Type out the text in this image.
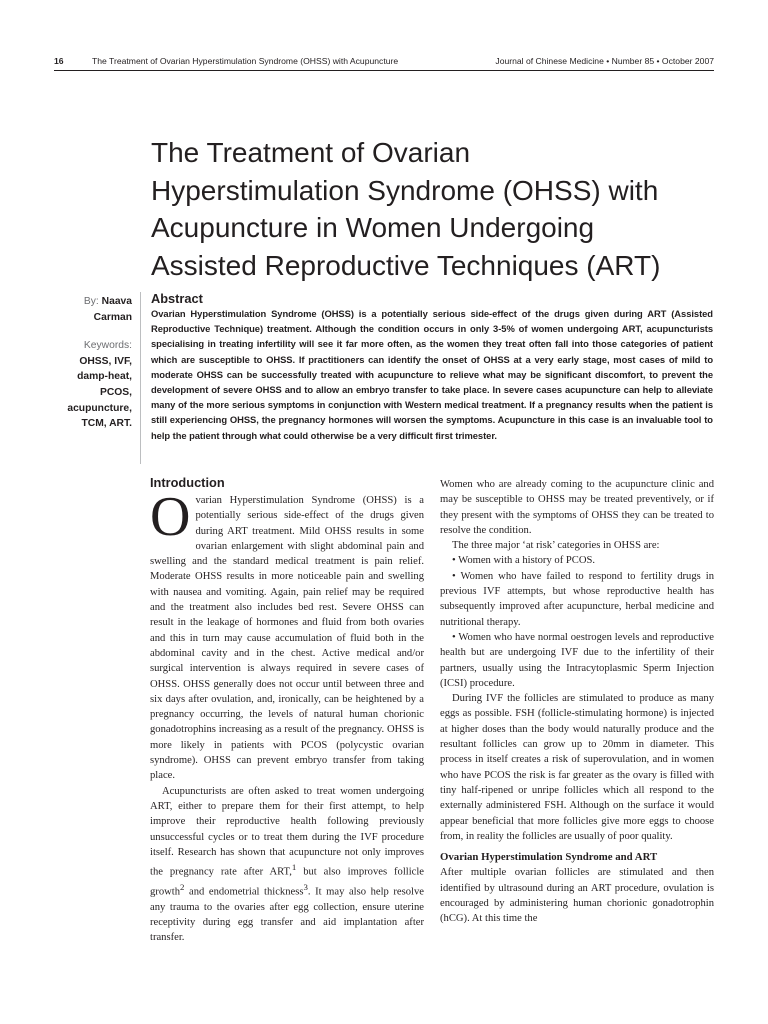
16	The Treatment of Ovarian Hyperstimulation Syndrome (OHSS) with Acupuncture	Journal of Chinese Medicine • Number 85 • October 2007
The Treatment of Ovarian
Hyperstimulation Syndrome (OHSS) with
Acupuncture in Women Undergoing
Assisted Reproductive Techniques (ART)
By: Naava
Carman
Keywords:
OHSS, IVF,
damp-heat,
PCOS,
acupuncture,
TCM, ART.
Abstract

Ovarian Hyperstimulation Syndrome (OHSS) is a potentially serious side-effect of the drugs given during ART (Assisted Reproductive Technique) treatment. Although the condition occurs in only 3-5% of women undergoing ART, acupuncturists specialising in treating infertility will see it far more often, as the women they treat often fall into those categories of patient which are susceptible to OHSS. If practitioners can identify the onset of OHSS at a very early stage, most cases of mild to moderate OHSS can be successfully treated with acupuncture to relieve what may be significant discomfort, to prevent the development of severe OHSS and to allow an embryo transfer to take place. In severe cases acupuncture can help to alleviate many of the more serious symptoms in conjunction with Western medical treatment. If a pregnancy results when the patient is still experiencing OHSS, the pregnancy hormones will worsen the symptoms. Acupuncture in this case is an invaluable tool to help the patient through what could otherwise be a very difficult first trimester.

Introduction

Ovarian Hyperstimulation Syndrome (OHSS) is a potentially serious side-effect of the drugs given during ART treatment. Mild OHSS results in some ovarian enlargement with slight abdominal pain and swelling and the standard medical treatment is pain relief. Moderate OHSS results in more noticeable pain and swelling with nausea and vomiting. Again, pain relief may be required and the treatment also includes bed rest. Severe OHSS can result in the leakage of hormones and fluid from both ovaries and this in turn may cause accumulation of fluid both in the abdominal cavity and in the chest. Active medical and/or surgical intervention is always required in severe cases of OHSS. OHSS generally does not occur until between three and six days after ovulation, and, ironically, can be heightened by a pregnancy occurring, the levels of natural human chorionic gonadotrophins increasing as a result of the pregnancy. OHSS is more likely in patients with PCOS (polycystic ovarian syndrome). OHSS can prevent embryo transfer from taking place.

Acupuncturists are often asked to treat women undergoing ART, either to prepare them for their first attempt, to help improve their reproductive health following previously unsuccessful cycles or to treat them during the IVF procedure itself. Research has shown that acupuncture not only improves the pregnancy rate after ART,$^1$ but also improves follicle growth$^2$ and endometrial thickness$^3$. It may also help resolve any trauma to the ovaries after egg collection, ensure uterine receptivity during egg transfer and aid implantation after transfer.

Women who are already coming to the acupuncture clinic and may be susceptible to OHSS may be treated preventively, or if they present with the symptoms of OHSS they can be treated to resolve the condition.

The three major ‘at risk’ categories in OHSS are:

• Women with a history of PCOS.

• Women who have failed to respond to fertility drugs in previous IVF attempts, but whose reproductive health has subsequently improved after acupuncture, herbal medicine and nutritional therapy.

• Women who have normal oestrogen levels and reproductive health but are undergoing IVF due to the infertility of their partners, usually using the Intracytoplasmic Sperm Injection (ICSI) procedure.

During IVF the follicles are stimulated to produce as many eggs as possible. FSH (follicle-stimulating hormone) is injected at higher doses than the body would naturally produce and the resultant follicles can grow up to 20mm in diameter. This process in itself creates a risk of superovulation, and in women who have PCOS the risk is far greater as the ovary is filled with tiny half-ripened or unripe follicles which all respond to the externally administered FSH. Although on the surface it would appear beneficial that more follicles give more eggs to choose from, in reality the follicles are usually of poor quality.

Ovarian Hyperstimulation Syndrome and ART

After multiple ovarian follicles are stimulated and then identified by ultrasound during an ART procedure, ovulation is encouraged by administering human chorionic gonadotrophin (hCG). At this time the
